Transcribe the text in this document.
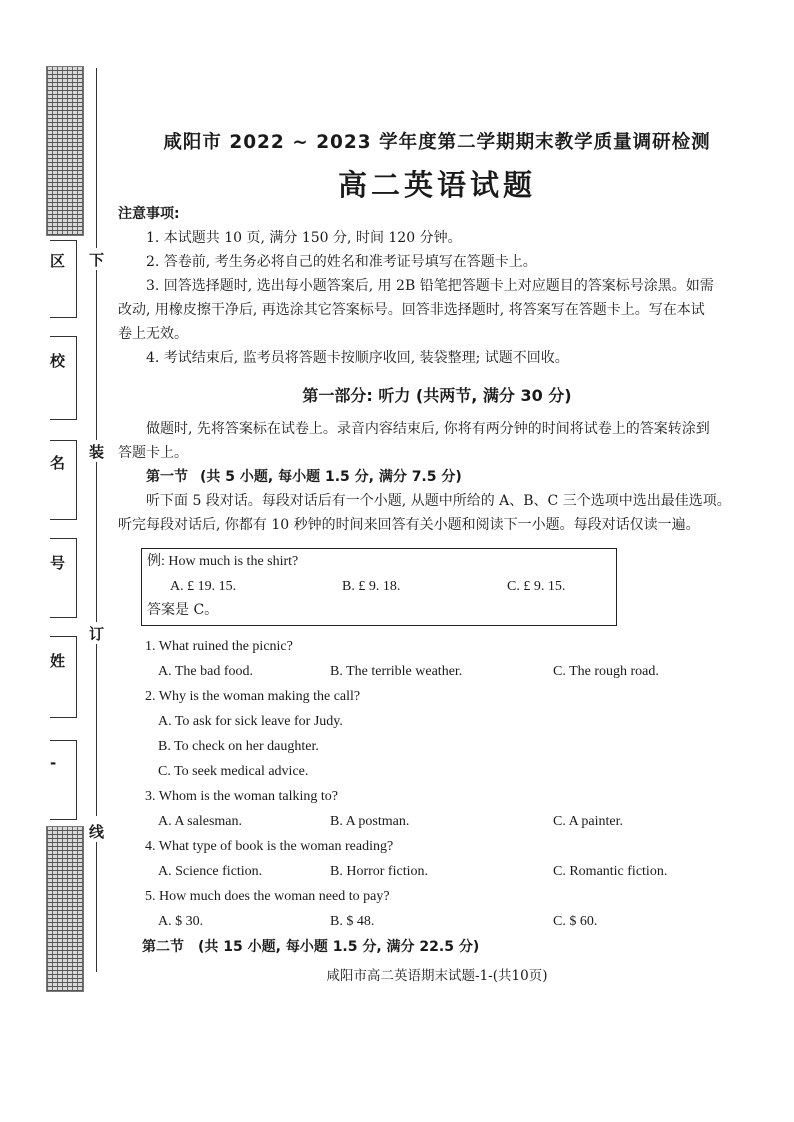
下
装
订
线
区
校
名
号
姓
-
咸阳市 2022 ~ 2023 学年度第二学期期末教学质量调研检测
高二英语试题
注意事项:
1. 本试题共 10 页, 满分 150 分, 时间 120 分钟。
2. 答卷前, 考生务必将自己的姓名和准考证号填写在答题卡上。
3. 回答选择题时, 选出每小题答案后, 用 2B 铅笔把答题卡上对应题目的答案标号涂黑。如需
改动, 用橡皮擦干净后, 再选涂其它答案标号。回答非选择题时, 将答案写在答题卡上。写在本试
卷上无效。
4. 考试结束后, 监考员将答题卡按顺序收回, 装袋整理; 试题不回收。
第一部分: 听力 (共两节, 满分 30 分)
做题时, 先将答案标在试卷上。录音内容结束后, 你将有两分钟的时间将试卷上的答案转涂到
答题卡上。
第一节 (共 5 小题, 每小题 1.5 分, 满分 7.5 分)
听下面 5 段对话。每段对话后有一个小题, 从题中所给的 A、B、C 三个选项中选出最佳选项。
听完每段对话后, 你都有 10 秒钟的时间来回答有关小题和阅读下一小题。每段对话仅读一遍。
例: How much is the shirt?
A. £ 19. 15.	B. £ 9. 18.	C. £ 9. 15.
答案是 C。
1. What ruined the picnic?
A. The bad food.	B. The terrible weather.	C. The rough road.
2. Why is the woman making the call?
A. To ask for sick leave for Judy.
B. To check on her daughter.
C. To seek medical advice.
3. Whom is the woman talking to?
A. A salesman.	B. A postman.	C. A painter.
4. What type of book is the woman reading?
A. Science fiction.	B. Horror fiction.	C. Romantic fiction.
5. How much does the woman need to pay?
A. $ 30.	B. $ 48.	C. $ 60.
第二节 (共 15 小题, 每小题 1.5 分, 满分 22.5 分)
咸阳市高二英语期末试题-1-(共10页)
